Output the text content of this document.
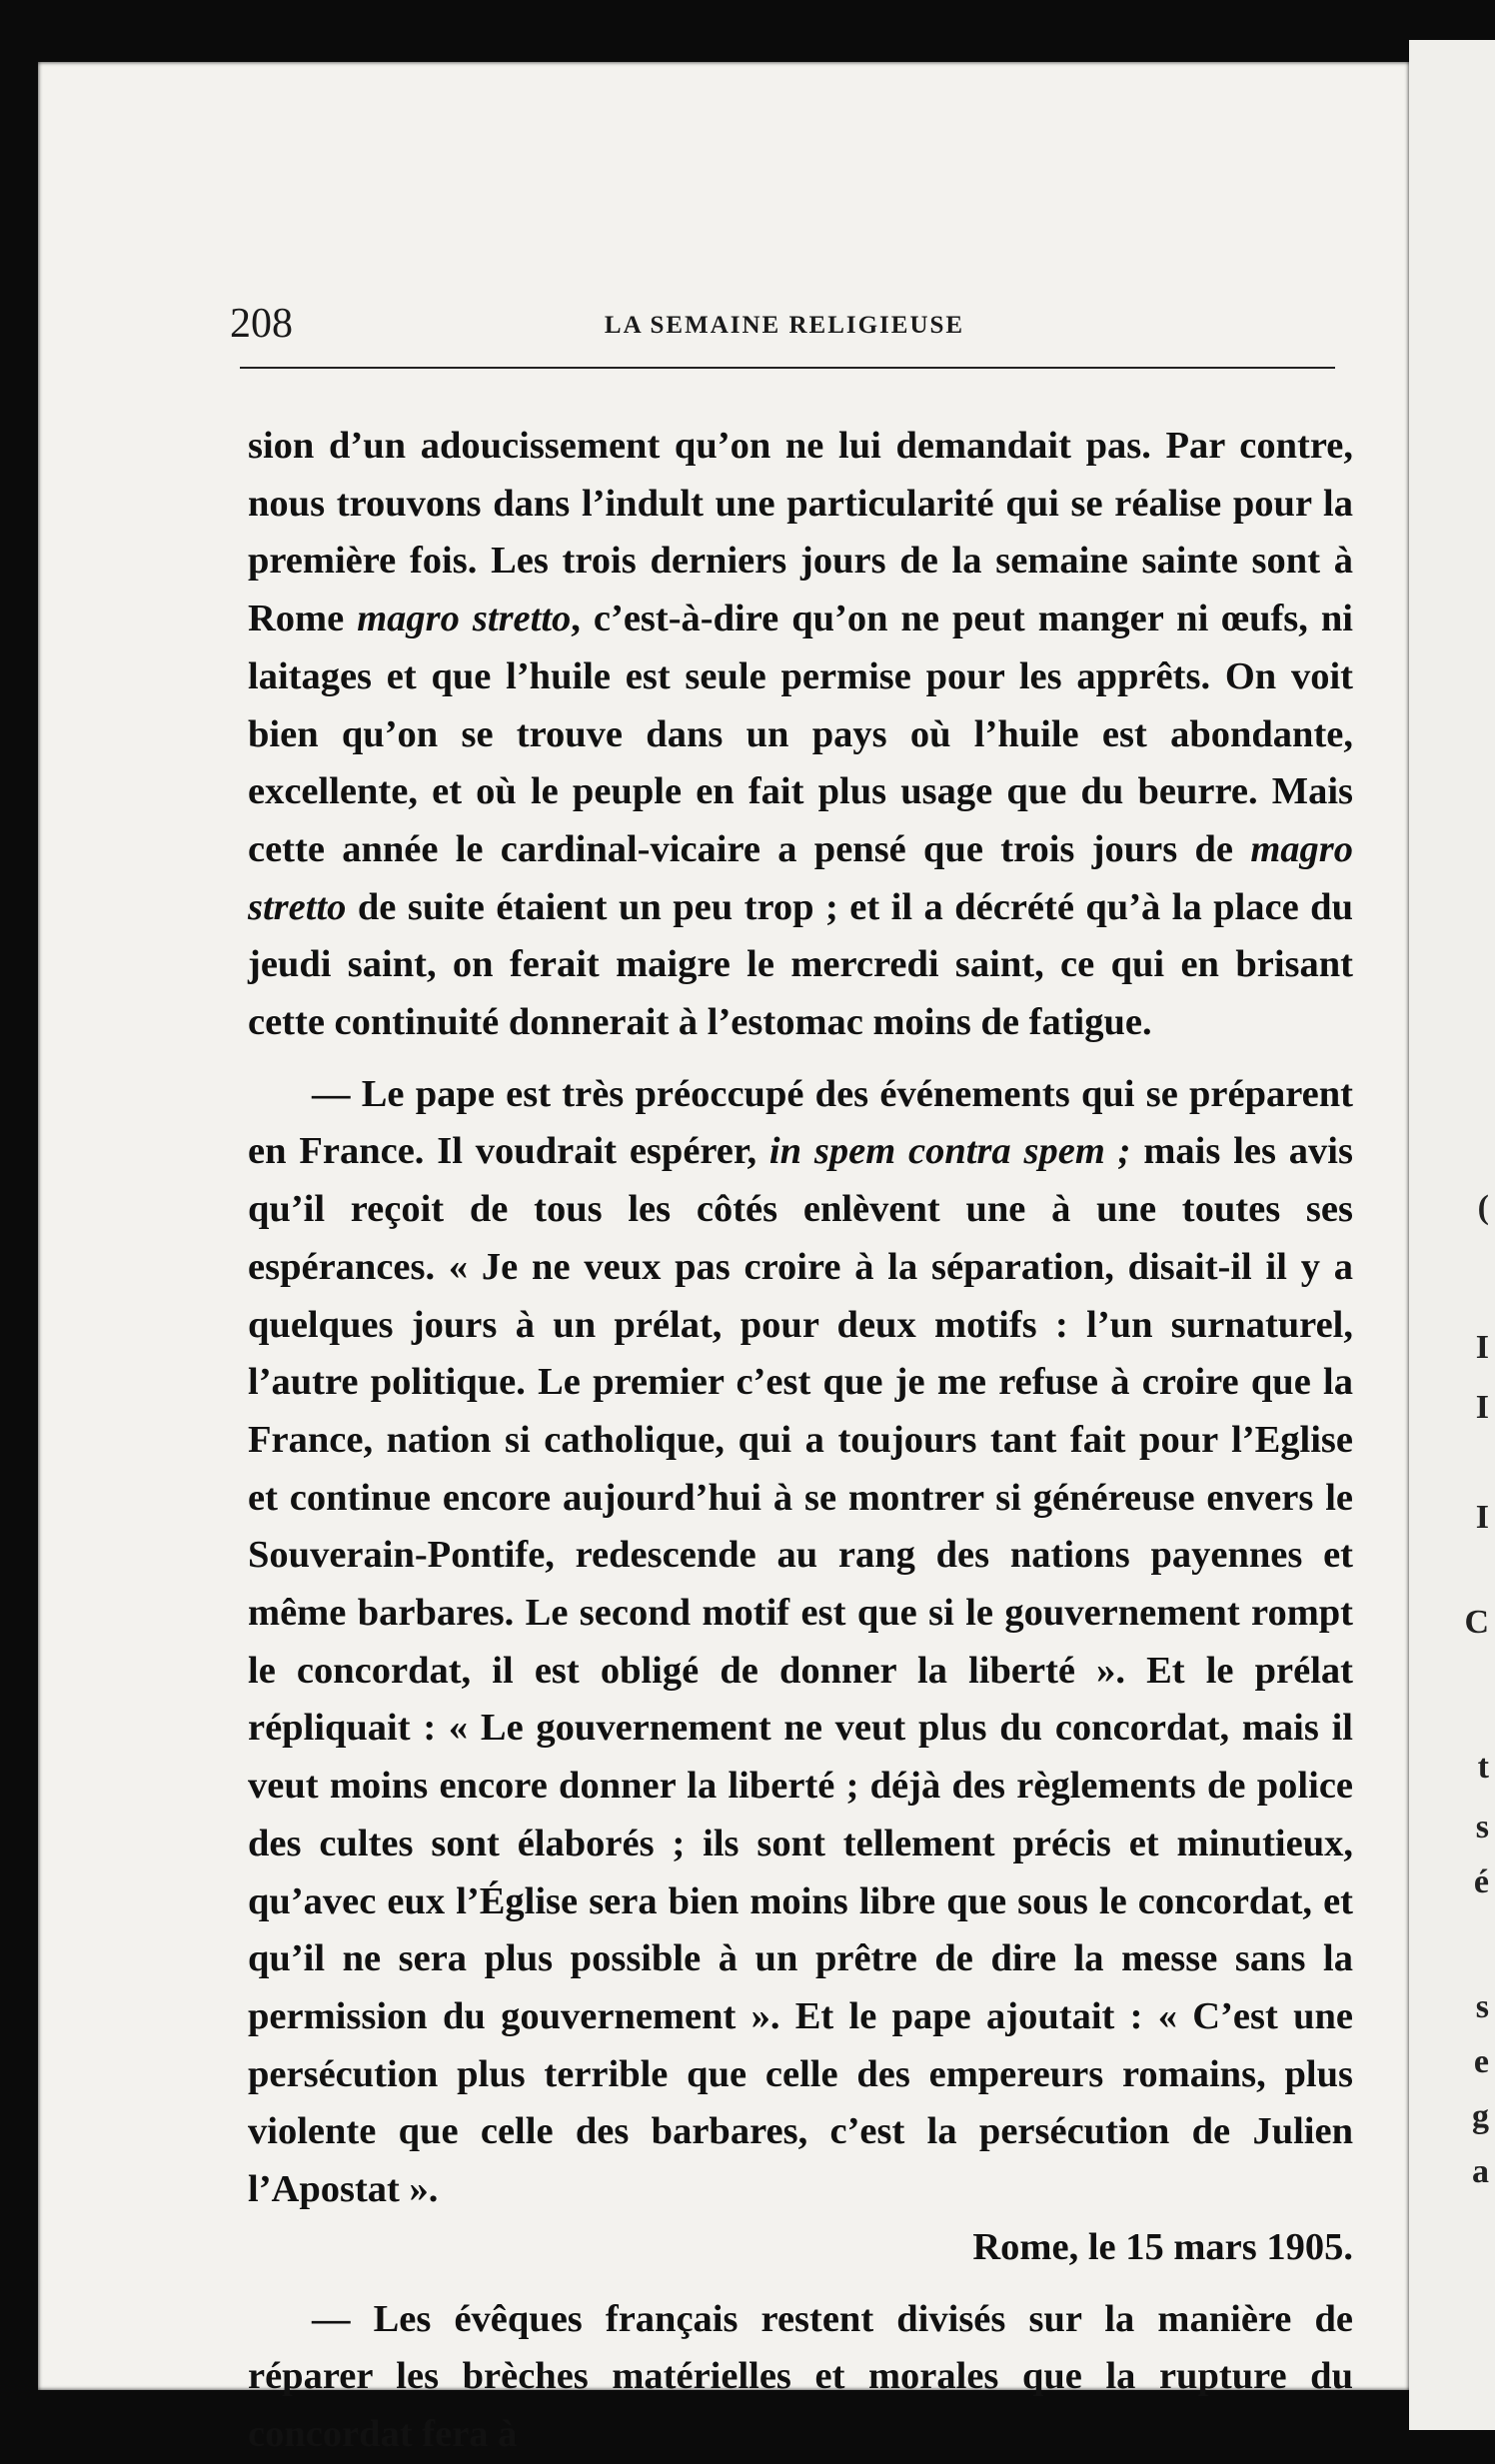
(
I
I
I
C
t
s
é
s
e
g
a
208	LA SEMAINE RELIGIEUSE

sion d’un adoucissement qu’on ne lui demandait pas. Par contre, nous trouvons dans l’indult une particularité qui se réalise pour la première fois. Les trois derniers jours de la semaine sainte sont à Rome magro stretto, c’est-à-dire qu’on ne peut manger ni œufs, ni laitages et que l’huile est seule permise pour les apprêts. On voit bien qu’on se trouve dans un pays où l’huile est abondante, excellente, et où le peuple en fait plus usage que du beurre. Mais cette année le cardinal-vicaire a pensé que trois jours de magro stretto de suite étaient un peu trop ; et il a décrété qu’à la place du jeudi saint, on ferait maigre le mercredi saint, ce qui en brisant cette continuité donnerait à l’estomac moins de fatigue.

— Le pape est très préoccupé des événements qui se préparent en France. Il voudrait espérer, in spem contra spem ; mais les avis qu’il reçoit de tous les côtés enlèvent une à une toutes ses espérances. « Je ne veux pas croire à la séparation, disait-il il y a quelques jours à un prélat, pour deux motifs : l’un surnaturel, l’autre politique. Le premier c’est que je me refuse à croire que la France, nation si catholique, qui a toujours tant fait pour l’Eglise et continue encore aujourd’hui à se montrer si généreuse envers le Souverain-Pontife, redescende au rang des nations payennes et même barbares. Le second motif est que si le gouvernement rompt le concordat, il est obligé de donner la liberté ». Et le prélat répliquait : « Le gouvernement ne veut plus du concordat, mais il veut moins encore donner la liberté ; déjà des règlements de police des cultes sont élaborés ; ils sont tellement précis et minutieux, qu’avec eux l’Église sera bien moins libre que sous le concordat, et qu’il ne sera plus possible à un prêtre de dire la messe sans la permission du gouvernement ». Et le pape ajoutait : « C’est une persécution plus terrible que celle des empereurs romains, plus violente que celle des barbares, c’est la persécution de Julien l’Apostat ».

Rome, le 15 mars 1905.

— Les évêques français restent divisés sur la manière de réparer les brèches matérielles et morales que la rupture du concordat fera à
